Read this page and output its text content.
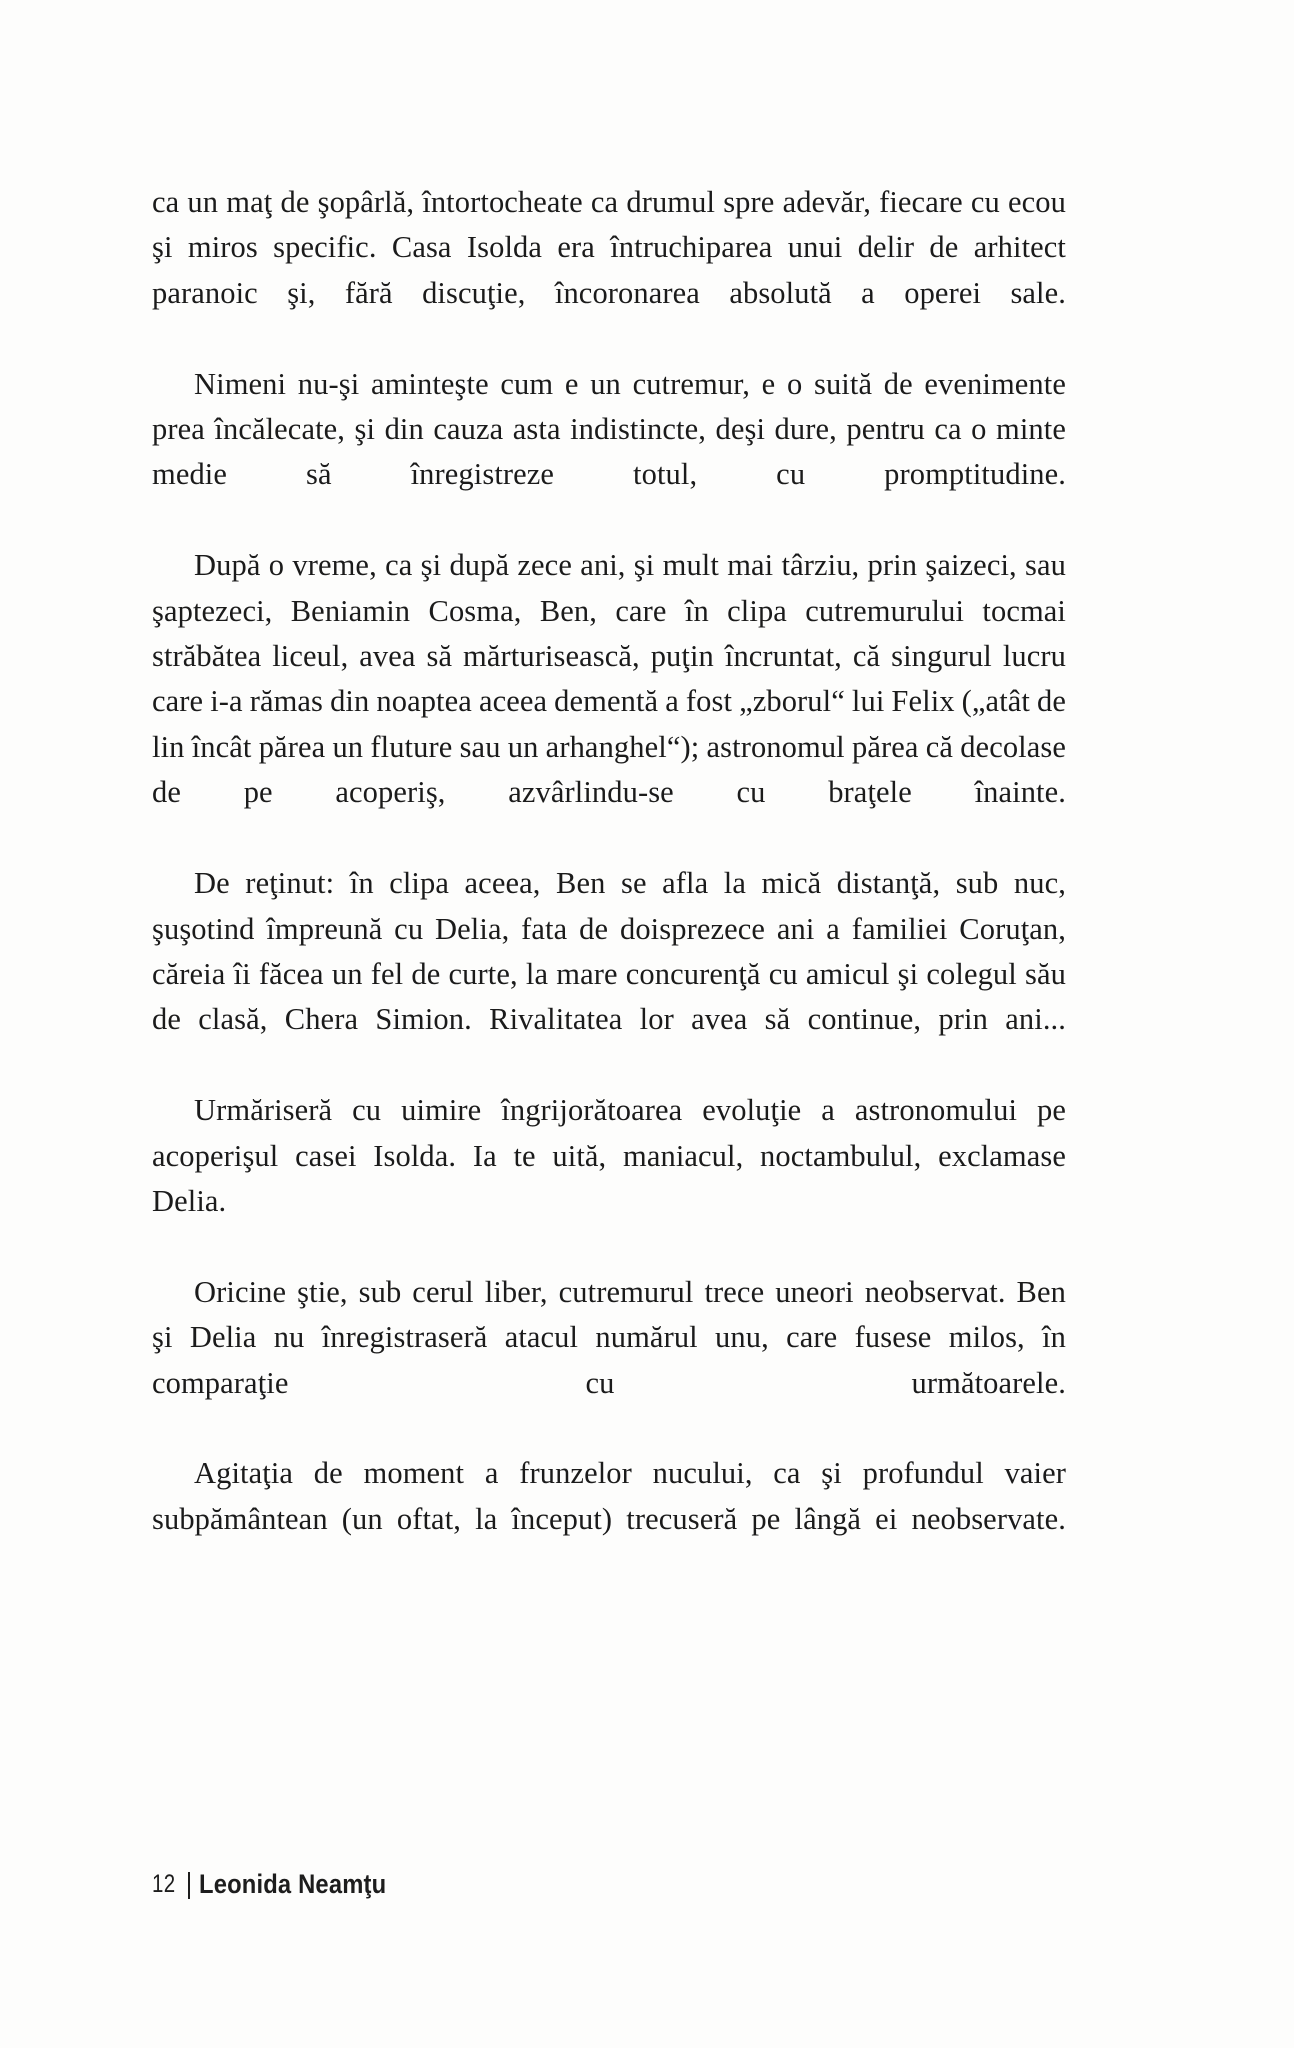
ca un maţ de şopârlă, întortocheate ca drumul spre adevăr, fiecare cu ecou şi miros specific. Casa Isolda era întruchiparea unui delir de arhitect paranoic şi, fără discuţie, încoronarea absolută a operei sale.

Nimeni nu-şi aminteşte cum e un cutremur, e o suită de evenimente prea încălecate, şi din cauza asta indistincte, deşi dure, pentru ca o minte medie să înregistreze totul, cu promptitudine.

După o vreme, ca şi după zece ani, şi mult mai târziu, prin şaizeci, sau şaptezeci, Beniamin Cosma, Ben, care în clipa cutremurului tocmai străbătea liceul, avea să mărturisească, puţin încruntat, că singurul lucru care i-a rămas din noaptea aceea dementă a fost „zborul“ lui Felix („atât de lin încât părea un fluture sau un arhanghel“); astronomul părea că decolase de pe acoperiş, azvârlindu-se cu braţele înainte.

De reţinut: în clipa aceea, Ben se afla la mică distanţă, sub nuc, şuşotind împreună cu Delia, fata de doisprezece ani a familiei Coruţan, căreia îi făcea un fel de curte, la mare concurenţă cu amicul şi colegul său de clasă, Chera Simion. Rivalitatea lor avea să continue, prin ani...

Urmăriseră cu uimire îngrijorătoarea evoluţie a astronomului pe acoperişul casei Isolda. Ia te uită, maniacul, noctambulul, exclamase Delia.

Oricine ştie, sub cerul liber, cutremurul trece uneori neobservat. Ben şi Delia nu înregistraseră atacul numărul unu, care fusese milos, în comparaţie cu următoarele.

Agitaţia de moment a frunzelor nucului, ca şi profundul vaier subpământean (un oftat, la început) trecuseră pe lângă ei neobservate.

12 Leonida Neamţu
